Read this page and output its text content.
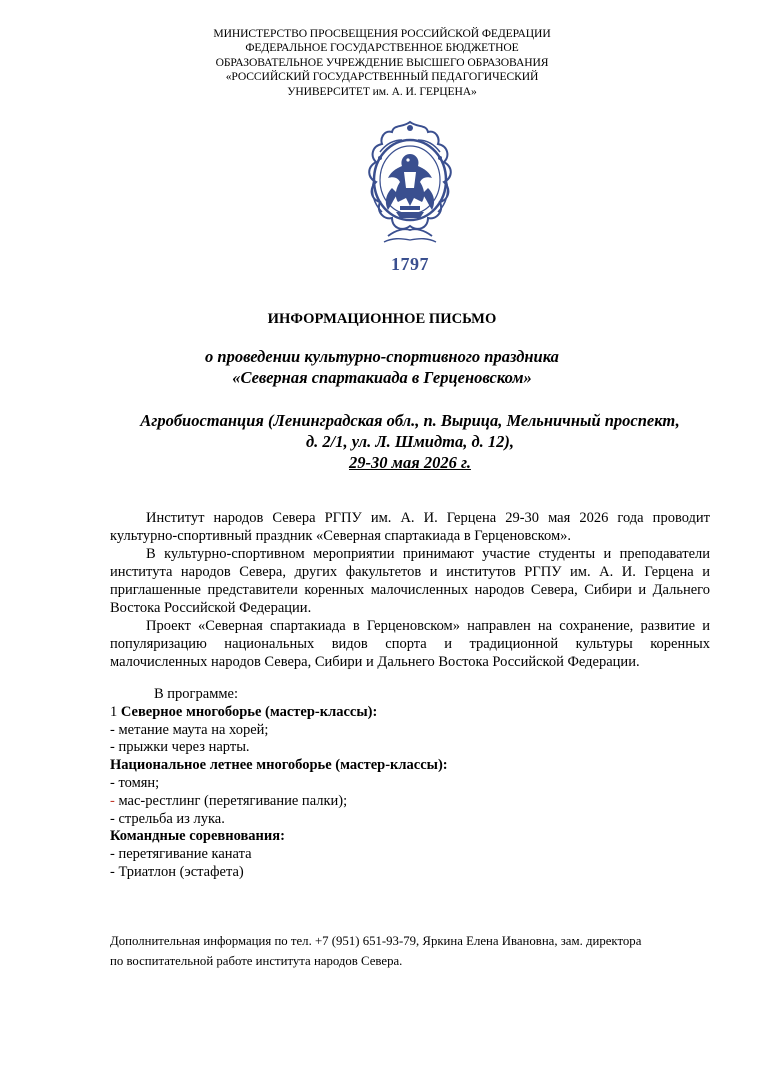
МИНИСТЕРСТВО ПРОСВЕЩЕНИЯ РОССИЙСКОЙ ФЕДЕРАЦИИ
ФЕДЕРАЛЬНОЕ ГОСУДАРСТВЕННОЕ БЮДЖЕТНОЕ
ОБРАЗОВАТЕЛЬНОЕ УЧРЕЖДЕНИЕ ВЫСШЕГО ОБРАЗОВАНИЯ
«РОССИЙСКИЙ ГОСУДАРСТВЕННЫЙ ПЕДАГОГИЧЕСКИЙ
УНИВЕРСИТЕТ им. А. И. ГЕРЦЕНА»
1797
ИНФОРМАЦИОННОЕ ПИСЬМО
о проведении культурно-спортивного праздника
«Северная спартакиада в Герценовском»
Агробиостанция (Ленинградская обл., п. Вырица, Мельничный проспект,
д. 2/1, ул. Л. Шмидта, д. 12),
29-30 мая 2026 г.

Институт народов Севера РГПУ им. А. И. Герцена 29-30 мая 2026 года проводит культурно-спортивный праздник «Северная спартакиада в Герценовском».

В культурно-спортивном мероприятии принимают участие студенты и преподаватели института народов Севера, других факультетов и институтов РГПУ им. А. И. Герцена и приглашенные представители коренных малочисленных народов Севера, Сибири и Дальнего Востока Российской Федерации.

Проект «Северная спартакиада в Герценовском» направлен на сохранение, развитие и популяризацию национальных видов спорта и традиционной культуры коренных малочисленных народов Севера, Сибири и Дальнего Востока Российской Федерации.

В программе:
1 Северное многоборье (мастер-классы):
- метание маута на хорей;
- прыжки через нарты.
Национальное летнее многоборье (мастер-классы):
- томян;
- мас-рестлинг (перетягивание палки);
- стрельба из лука.
Командные соревнования:
- перетягивание каната
- Триатлон (эстафета)
Дополнительная информация по тел. +7 (951) 651-93-79, Яркина Елена Ивановна, зам. директора
по воспитательной работе института народов Севера.
